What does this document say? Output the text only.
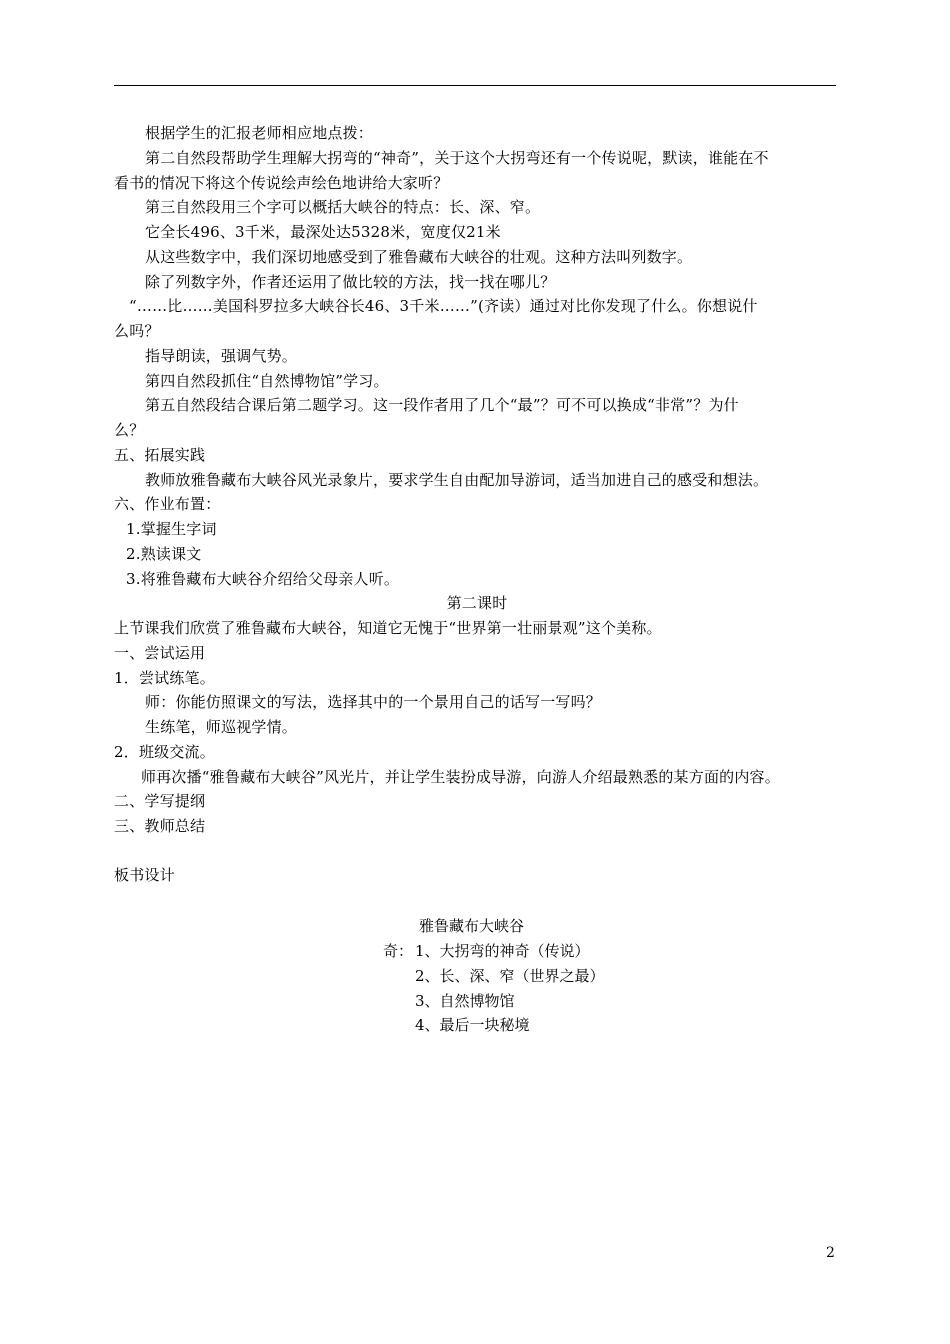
根据学生的汇报老师相应地点拨：
第二自然段帮助学生理解大拐弯的“神奇”，关于这个大拐弯还有一个传说呢，默读，谁能在不
看书的情况下将这个传说绘声绘色地讲给大家听？
第三自然段用三个字可以概括大峡谷的特点：长、深、窄。
它全长496、3千米，最深处达5328米，宽度仅21米
从这些数字中，我们深切地感受到了雅鲁藏布大峡谷的壮观。这种方法叫列数字。
除了列数字外，作者还运用了做比较的方法，找一找在哪儿？
“……比……美国科罗拉多大峡谷长46、3千米……”(齐读）通过对比你发现了什么。你想说什
么吗？
指导朗读，强调气势。
第四自然段抓住“自然博物馆”学习。
第五自然段结合课后第二题学习。这一段作者用了几个“最”？可不可以换成“非常”？为什
么？
五、拓展实践
教师放雅鲁藏布大峡谷风光录象片，要求学生自由配加导游词，适当加进自己的感受和想法。
六、作业布置：
1.掌握生字词
2.熟读课文
3.将雅鲁藏布大峡谷介绍给父母亲人听。
第二课时
上节课我们欣赏了雅鲁藏布大峡谷，知道它无愧于“世界第一壮丽景观”这个美称。
一、尝试运用
1．尝试练笔。
师：你能仿照课文的写法，选择其中的一个景用自己的话写一写吗？
生练笔，师巡视学情。
2．班级交流。
师再次播“雅鲁藏布大峡谷”风光片，并让学生装扮成导游，向游人介绍最熟悉的某方面的内容。
二、学写提纲
三、教师总结
板书设计
雅鲁藏布大峡谷
奇： 1、大拐弯的神奇（传说）
2、长、深、窄（世界之最）
3、自然博物馆
4、最后一块秘境
2
